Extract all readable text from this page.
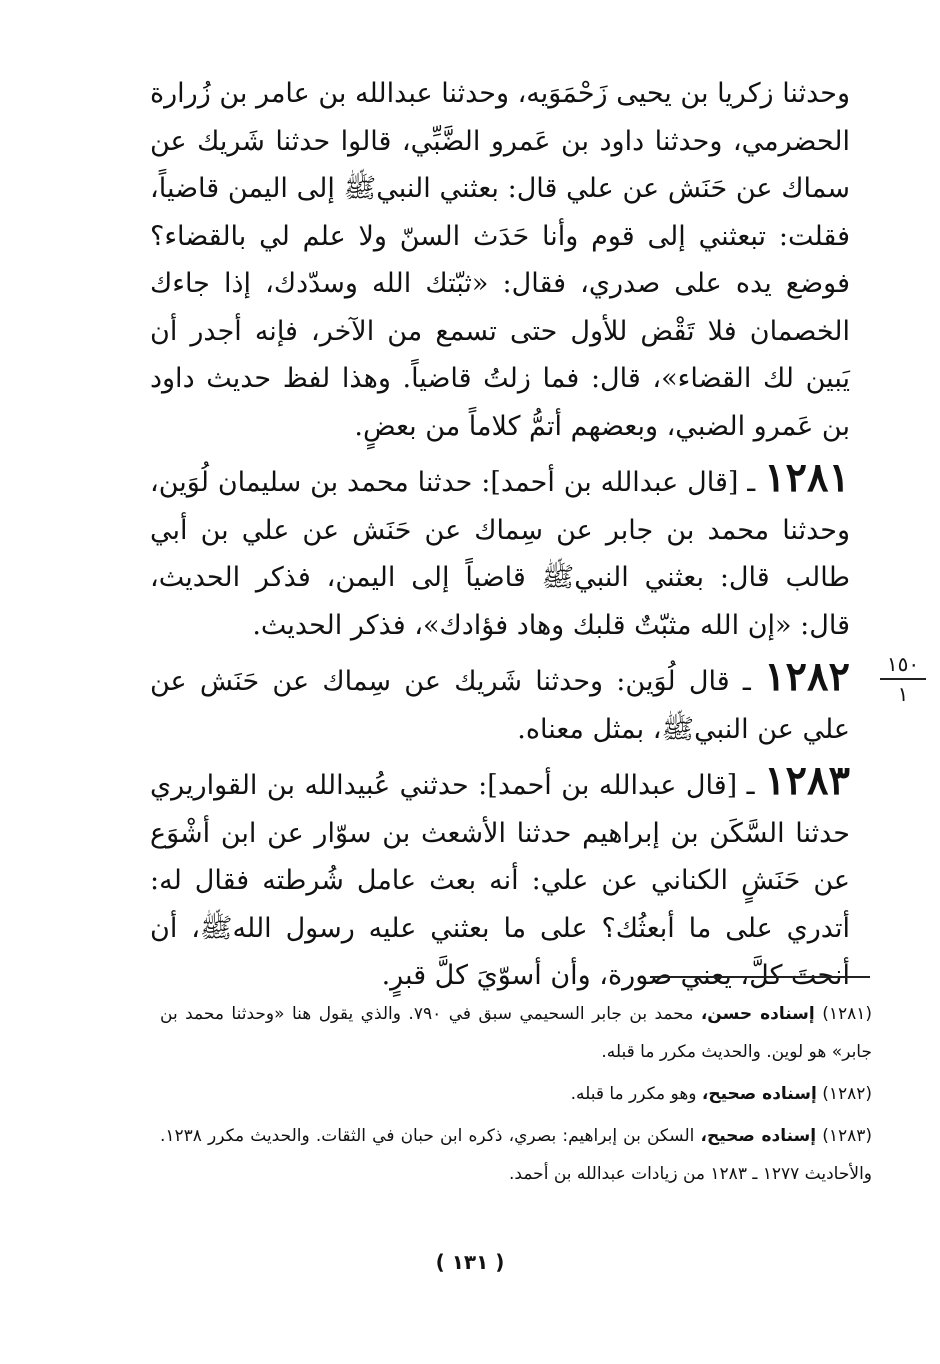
وحدثنا زكريا بن يحيى زَحْمَوَيه، وحدثنا عبدالله بن عامر بن زُرارة الحضرمي، وحدثنا داود بن عَمرو الضَّبِّي، قالوا حدثنا شَريك عن سماك عن حَنَش عن علي قال: بعثني النبيﷺ إلى اليمن قاضياً، فقلت: تبعثني إلى قوم وأنا حَدَث السنّ ولا علم لي بالقضاء؟ فوضع يده على صدري، فقال: «ثبّتك الله وسدّدك، إذا جاءك الخصمان فلا تَقْض للأول حتى تسمع من الآخر، فإنه أجدر أن يَبين لك القضاء»، قال: فما زلتُ قاضياً. وهذا لفظ حديث داود بن عَمرو الضبي، وبعضهم أتمُّ كلاماً من بعضٍ.

١٢٨١ ـ [قال عبدالله بن أحمد]: حدثنا محمد بن سليمان لُوَين، وحدثنا محمد بن جابر عن سِماك عن حَنَش عن علي بن أبي طالب قال: بعثني النبيﷺ قاضياً إلى اليمن، فذكر الحديث، قال: «إن الله مثبّتٌ قلبك وهاد فؤادك»، فذكر الحديث.

١٢٨٢ ـ قال لُوَين: وحدثنا شَريك عن سِماك عن حَنَش عن علي عن النبيﷺ، بمثل معناه.

١٢٨٣ ـ [قال عبدالله بن أحمد]: حدثني عُبيدالله بن القواريري حدثنا السَّكَن بن إبراهيم حدثنا الأشعث بن سوّار عن ابن أشْوَع عن حَنَشٍ الكناني عن علي: أنه بعث عامل شُرطته فقال له: أتدري على ما أبعثُك؟ على ما بعثني عليه رسول اللهﷺ، أن أنحتَ كلَّ، يعني صورة، وأن أسوّيَ كلَّ قبرٍ.

١٥٠
١

(١٢٨١) إسناده حسن، محمد بن جابر السحيمي سبق في ٧٩٠. والذي يقول هنا «وحدثنا محمد بن جابر» هو لوين. والحديث مكرر ما قبله.

(١٢٨٢) إسناده صحيح، وهو مكرر ما قبله.

(١٢٨٣) إسناده صحيح، السكن بن إبراهيم: بصري، ذكره ابن حبان في الثقات. والحديث مكرر ١٢٣٨. والأحاديث ١٢٧٧ ـ ١٢٨٣ من زيادات عبدالله بن أحمد.

( ١٣١ )
